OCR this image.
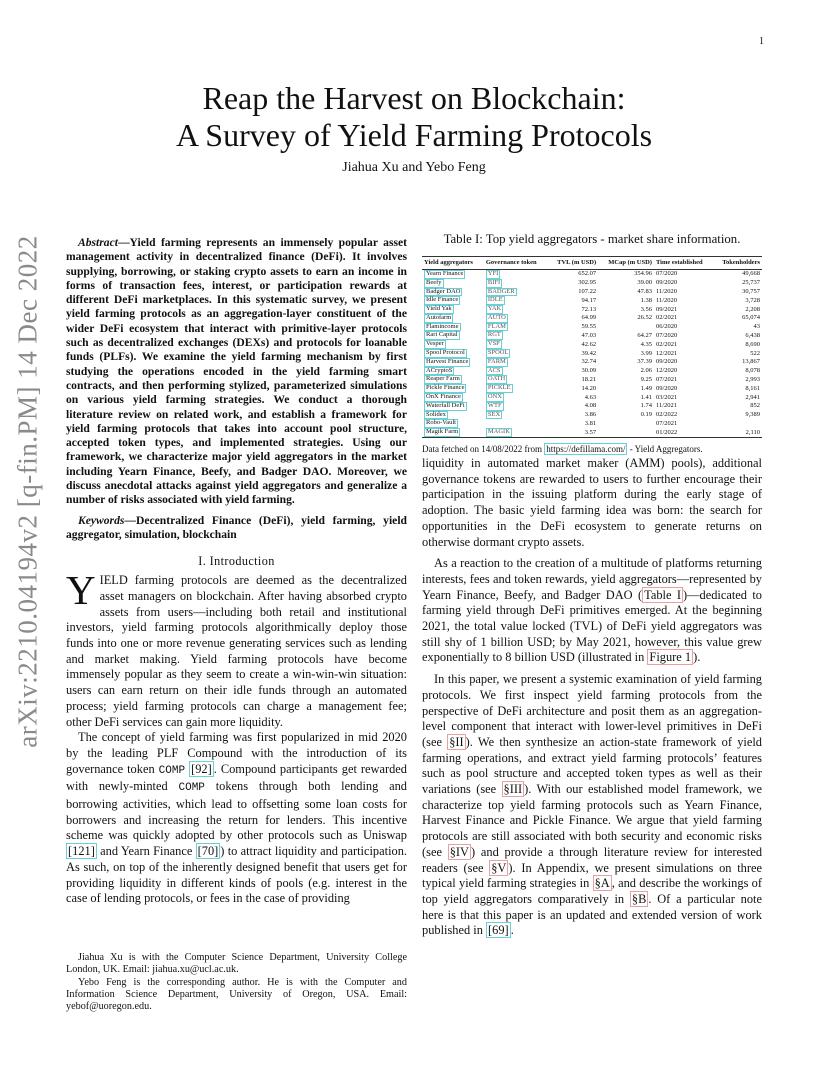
1
arXiv:2210.04194v2 [q-fin.PM] 14 Dec 2022
Reap the Harvest on Blockchain:
A Survey of Yield Farming Protocols
Jiahua Xu and Yebo Feng
Abstract—Yield farming represents an immensely popular asset management activity in decentralized finance (DeFi). It involves supplying, borrowing, or staking crypto assets to earn an income in forms of transaction fees, interest, or participation rewards at different DeFi marketplaces. In this systematic survey, we present yield farming protocols as an aggregation-layer constituent of the wider DeFi ecosystem that interact with primitive-layer protocols such as decentralized exchanges (DEXs) and protocols for loanable funds (PLFs). We examine the yield farming mechanism by first studying the operations encoded in the yield farming smart contracts, and then performing stylized, parameterized simulations on various yield farming strategies. We conduct a thorough literature review on related work, and establish a framework for yield farming protocols that takes into account pool structure, accepted token types, and implemented strategies. Using our framework, we characterize major yield aggregators in the market including Yearn Finance, Beefy, and Badger DAO. Moreover, we discuss anecdotal attacks against yield aggregators and generalize a number of risks associated with yield farming.
Keywords—Decentralized Finance (DeFi), yield farming, yield aggregator, simulation, blockchain
I. Introduction

YIELD farming protocols are deemed as the decentralized asset managers on blockchain. After having absorbed crypto assets from users—including both retail and institutional investors, yield farming protocols algorithmically deploy those funds into one or more revenue generating services such as lending and market making. Yield farming protocols have become immensely popular as they seem to create a win-win-win situation: users can earn return on their idle funds through an automated process; yield farming protocols can charge a management fee; other DeFi services can gain more liquidity.

The concept of yield farming was first popularized in mid 2020 by the leading PLF Compound with the introduction of its governance token COMP [92] . Compound participants get rewarded with newly-minted COMP tokens through both lending and borrowing activities, which lead to offsetting some loan costs for borrowers and increasing the return for lenders. This incentive scheme was quickly adopted by other protocols such as Uniswap [121] and Yearn Finance [70] ) to attract liquidity and participation. As such, on top of the inherently designed benefit that users get for providing liquidity in different kinds of pools (e.g. interest in the case of lending protocols, or fees in the case of providing

Jiahua Xu is with the Computer Science Department, University College London, UK. Email: jiahua.xu@ucl.ac.uk.

Yebo Feng is the corresponding author. He is with the Computer and Information Science Department, University of Oregon, USA. Email: yebof@uoregon.edu.

Table I: Top yield aggregators - market share information.
Yield aggregators	Governance token	TVL (m USD)	MCap (m USD)	Time established	Tokenholders
Yearn Finance	YFI	652.07	354.96	07/2020	49,668
Beefy	BIFI	302.95	39.00	09/2020	25,737
Badger DAO	BADGER	107.22	47.83	11/2020	30,757
Idle Finance	IDLE	94.17	1.38	11/2020	3,728
Yield Yak	YAK	72.13	3.56	09/2021	2,208
Autofarm	AUTO	64.99	26.52	02/2021	65,074
Flamincome	FLAM	59.55		06/2020	43
Rari Capital	RGT	47.03	64.27	07/2020	6,438
Vesper	VSP	42.62	4.35	02/2021	8,690
Spool Protocol	SPOOL	39.42	3.99	12/2021	522
Harvest Finance	FARM	32.74	37.39	09/2020	13,867
ACryptoS	ACS	30.09	2.06	12/2020	8,078
Reaper Farm	OATH	18.21	9.25	07/2021	2,993
Pickle Finance	PICKLE	14.20	1.49	09/2020	8,161
OnX Finance	ONX	4.63	1.41	03/2021	2,941
Waterfall DeFi	WTF	4.08	1.74	11/2021	852
Solidex	SEX	3.86	0.19	02/2022	9,389
Robo-Vault		3.81		07/2021	
Magik Farm	MAGIK	3.57		01/2022	2,110
Data fetched on 14/08/2022 from https://defillama.com/ - Yield Aggregators.

liquidity in automated market maker (AMM) pools), additional governance tokens are rewarded to users to further encourage their participation in the issuing platform during the early stage of adoption. The basic yield farming idea was born: the search for opportunities in the DeFi ecosystem to generate returns on otherwise dormant crypto assets.

As a reaction to the creation of a multitude of platforms returning interests, fees and token rewards, yield aggregators—represented by Yearn Finance, Beefy, and Badger DAO ( Table I )—dedicated to farming yield through DeFi primitives emerged. At the beginning 2021, the total value locked (TVL) of DeFi yield aggregators was still shy of 1 billion USD; by May 2021, however, this value grew exponentially to 8 billion USD (illustrated in Figure 1 ).

In this paper, we present a systemic examination of yield farming protocols. We first inspect yield farming protocols from the perspective of DeFi architecture and posit them as an aggregation-level component that interact with lower-level primitives in DeFi (see §II ). We then synthesize an action-state framework of yield farming operations, and extract yield farming protocols’ features such as pool structure and accepted token types as well as their variations (see §III ). With our established model framework, we characterize top yield farming protocols such as Yearn Finance, Harvest Finance and Pickle Finance. We argue that yield farming protocols are still associated with both security and economic risks (see §IV ) and provide a through literature review for interested readers (see §V ). In Appendix, we present simulations on three typical yield farming strategies in §A , and describe the workings of top yield aggregators comparatively in §B . Of a particular note here is that this paper is an updated and extended version of work published in [69] .
